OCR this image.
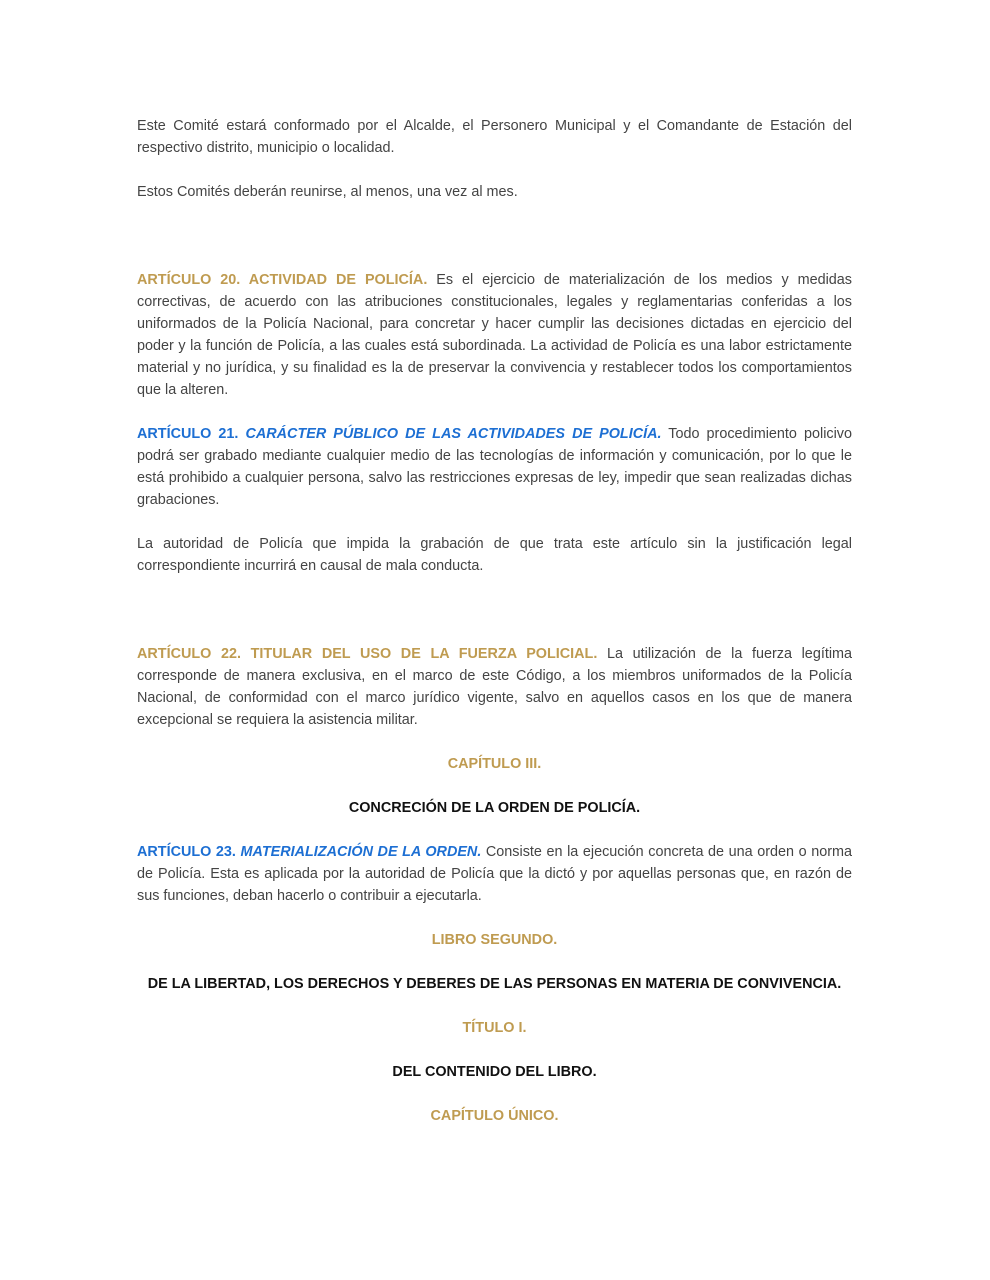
Este Comité estará conformado por el Alcalde, el Personero Municipal y el Comandante de Estación del respectivo distrito, municipio o localidad.

Estos Comités deberán reunirse, al menos, una vez al mes.

ARTÍCULO 20. ACTIVIDAD DE POLICÍA. Es el ejercicio de materialización de los medios y medidas correctivas, de acuerdo con las atribuciones constitucionales, legales y reglamentarias conferidas a los uniformados de la Policía Nacional, para concretar y hacer cumplir las decisiones dictadas en ejercicio del poder y la función de Policía, a las cuales está subordinada. La actividad de Policía es una labor estrictamente material y no jurídica, y su finalidad es la de preservar la convivencia y restablecer todos los comportamientos que la alteren.

ARTÍCULO 21. CARÁCTER PÚBLICO DE LAS ACTIVIDADES DE POLICÍA. Todo procedimiento policivo podrá ser grabado mediante cualquier medio de las tecnologías de información y comunicación, por lo que le está prohibido a cualquier persona, salvo las restricciones expresas de ley, impedir que sean realizadas dichas grabaciones.

La autoridad de Policía que impida la grabación de que trata este artículo sin la justificación legal correspondiente incurrirá en causal de mala conducta.

ARTÍCULO 22. TITULAR DEL USO DE LA FUERZA POLICIAL. La utilización de la fuerza legítima corresponde de manera exclusiva, en el marco de este Código, a los miembros uniformados de la Policía Nacional, de conformidad con el marco jurídico vigente, salvo en aquellos casos en los que de manera excepcional se requiera la asistencia militar.

CAPÍTULO III.
CONCRECIÓN DE LA ORDEN DE POLICÍA.

ARTÍCULO 23. MATERIALIZACIÓN DE LA ORDEN. Consiste en la ejecución concreta de una orden o norma de Policía. Esta es aplicada por la autoridad de Policía que la dictó y por aquellas personas que, en razón de sus funciones, deban hacerlo o contribuir a ejecutarla.

LIBRO SEGUNDO.
DE LA LIBERTAD, LOS DERECHOS Y DEBERES DE LAS PERSONAS EN MATERIA DE CONVIVENCIA.
TÍTULO I.
DEL CONTENIDO DEL LIBRO.
CAPÍTULO ÚNICO.
